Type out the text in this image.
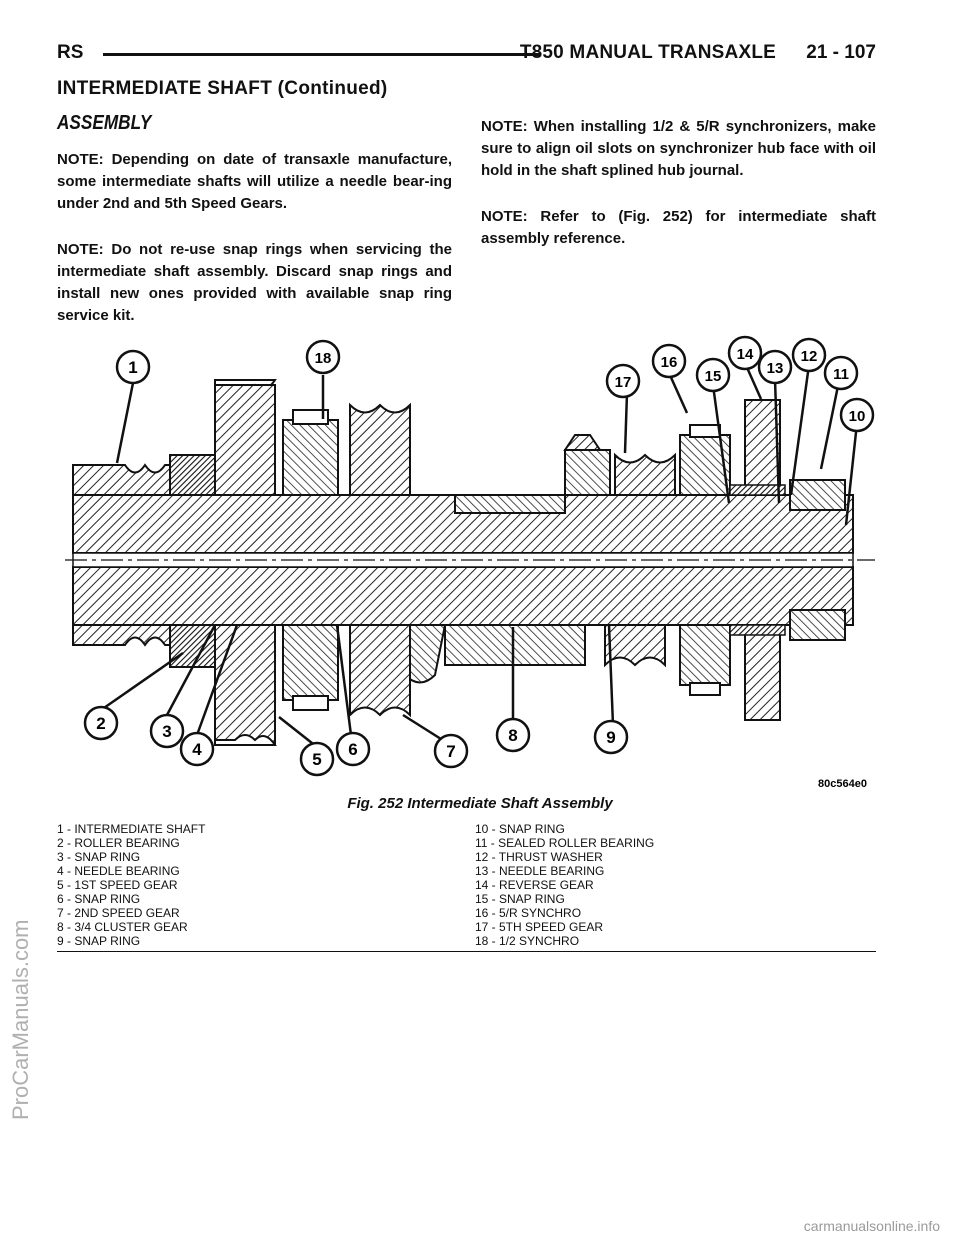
RS	T850 MANUAL TRANSAXLE 21 - 107
INTERMEDIATE SHAFT (Continued)
ASSEMBLY

NOTE: Depending on date of transaxle manufacture, some intermediate shafts will utilize a needle bear-ing under 2nd and 5th Speed Gears.

NOTE: Do not re-use snap rings when servicing the intermediate shaft assembly. Discard snap rings and install new ones provided with available snap ring service kit.

NOTE: When installing 1/2 & 5/R synchronizers, make sure to align oil slots on synchronizer hub face with oil hold in the shaft splined hub journal.

NOTE: Refer to (Fig. 252) for intermediate shaft assembly reference.

1
2	3
4
5
6	7
8	9
10
11
12
13
14
15
16
17
18
80c564e0
Fig. 252 Intermediate Shaft Assembly
1 - INTERMEDIATE SHAFT
2 - ROLLER BEARING
3 - SNAP RING
4 - NEEDLE BEARING
5 - 1ST SPEED GEAR
6 - SNAP RING
7 - 2ND SPEED GEAR
8 - 3/4 CLUSTER GEAR
9 - SNAP RING
10 - SNAP RING
11 - SEALED ROLLER BEARING
12 - THRUST WASHER
13 - NEEDLE BEARING
14 - REVERSE GEAR
15 - SNAP RING
16 - 5/R SYNCHRO
17 - 5TH SPEED GEAR
18 - 1/2 SYNCHRO
ProCarManuals.com
carmanualsonline.info
